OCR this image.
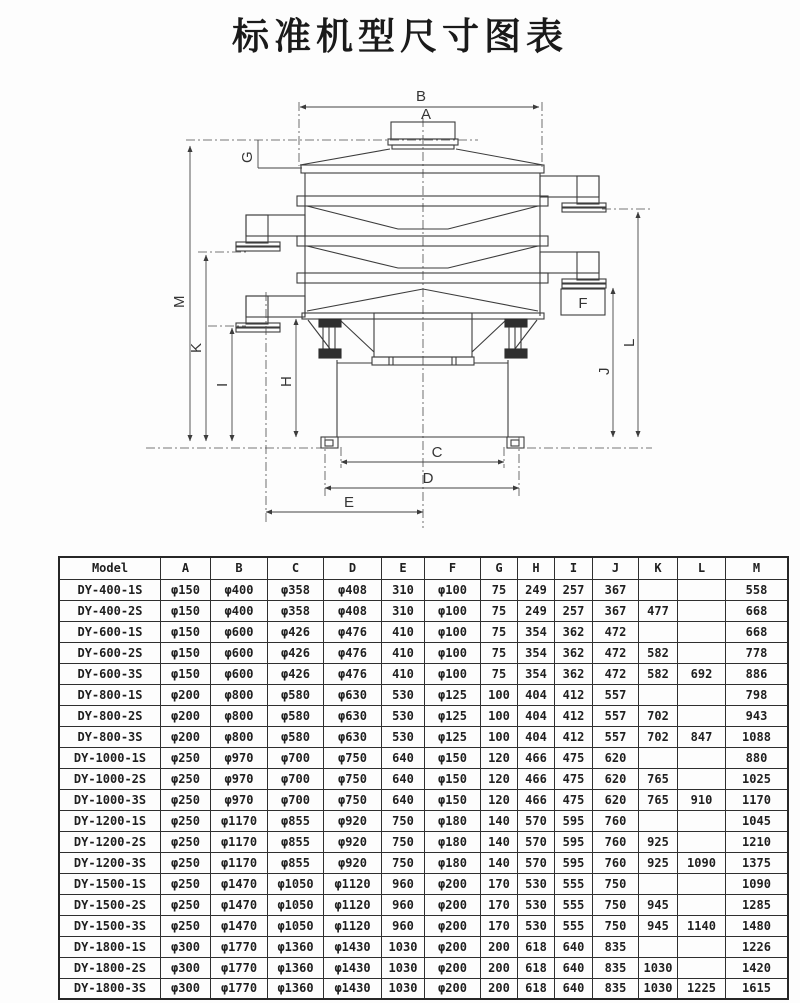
标准机型尺寸图表
A
B
G
M
K
I	H
J
L
C
D
E
F
Model	A	B	C	D	E	F	G	H	I	J	K	L	M
DY-400-1S	φ150	φ400	φ358	φ408	310	φ100	75	249	257	367			558
DY-400-2S	φ150	φ400	φ358	φ408	310	φ100	75	249	257	367	477		668
DY-600-1S	φ150	φ600	φ426	φ476	410	φ100	75	354	362	472			668
DY-600-2S	φ150	φ600	φ426	φ476	410	φ100	75	354	362	472	582		778
DY-600-3S	φ150	φ600	φ426	φ476	410	φ100	75	354	362	472	582	692	886
DY-800-1S	φ200	φ800	φ580	φ630	530	φ125	100	404	412	557			798
DY-800-2S	φ200	φ800	φ580	φ630	530	φ125	100	404	412	557	702		943
DY-800-3S	φ200	φ800	φ580	φ630	530	φ125	100	404	412	557	702	847	1088
DY-1000-1S	φ250	φ970	φ700	φ750	640	φ150	120	466	475	620			880
DY-1000-2S	φ250	φ970	φ700	φ750	640	φ150	120	466	475	620	765		1025
DY-1000-3S	φ250	φ970	φ700	φ750	640	φ150	120	466	475	620	765	910	1170
DY-1200-1S	φ250	φ1170	φ855	φ920	750	φ180	140	570	595	760			1045
DY-1200-2S	φ250	φ1170	φ855	φ920	750	φ180	140	570	595	760	925		1210
DY-1200-3S	φ250	φ1170	φ855	φ920	750	φ180	140	570	595	760	925	1090	1375
DY-1500-1S	φ250	φ1470	φ1050	φ1120	960	φ200	170	530	555	750			1090
DY-1500-2S	φ250	φ1470	φ1050	φ1120	960	φ200	170	530	555	750	945		1285
DY-1500-3S	φ250	φ1470	φ1050	φ1120	960	φ200	170	530	555	750	945	1140	1480
DY-1800-1S	φ300	φ1770	φ1360	φ1430	1030	φ200	200	618	640	835			1226
DY-1800-2S	φ300	φ1770	φ1360	φ1430	1030	φ200	200	618	640	835	1030		1420
DY-1800-3S	φ300	φ1770	φ1360	φ1430	1030	φ200	200	618	640	835	1030	1225	1615
